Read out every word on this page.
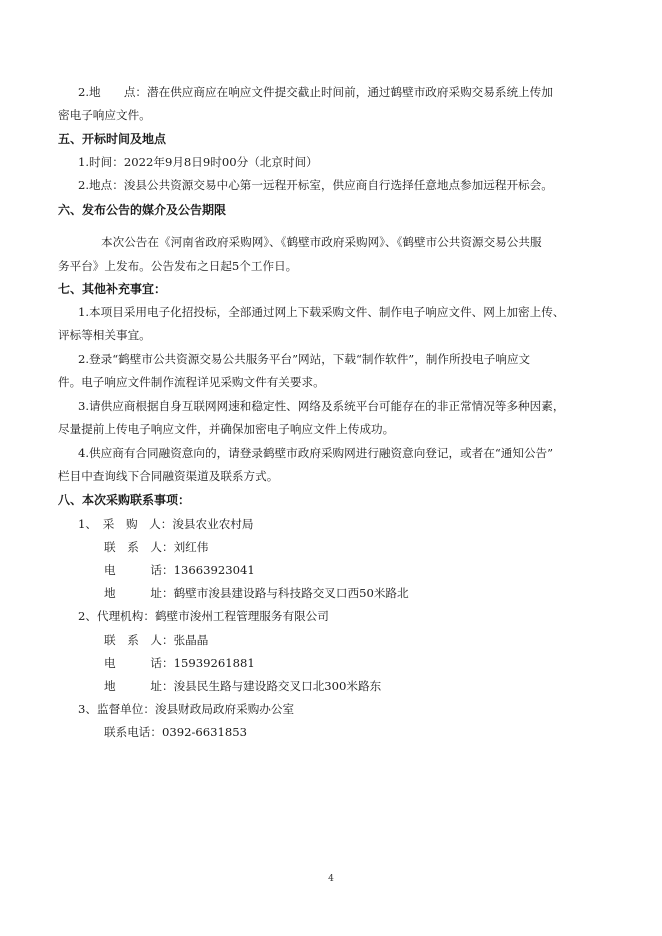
2.地　　点：潜在供应商应在响应文件提交截止时间前，通过鹤壁市政府采购交易系统上传加
密电子响应文件。
五、开标时间及地点
1.时间：2022年9月8日9时00分（北京时间）
2.地点：浚县公共资源交易中心第一远程开标室，供应商自行选择任意地点参加远程开标会。
六、发布公告的媒介及公告期限
本次公告在《河南省政府采购网》、《鹤壁市政府采购网》、《鹤壁市公共资源交易公共服
务平台》上发布。公告发布之日起5个工作日。
七、其他补充事宜：
1.本项目采用电子化招投标，全部通过网上下载采购文件、制作电子响应文件、网上加密上传、
评标等相关事宜。
2.登录“鹤壁市公共资源交易公共服务平台”网站，下载“制作软件”，制作所投电子响应文
件。电子响应文件制作流程详见采购文件有关要求。
3.请供应商根据自身互联网网速和稳定性、网络及系统平台可能存在的非正常情况等多种因素，
尽量提前上传电子响应文件，并确保加密电子响应文件上传成功。
4.供应商有合同融资意向的，请登录鹤壁市政府采购网进行融资意向登记，或者在“通知公告”
栏目中查询线下合同融资渠道及联系方式。
八、本次采购联系事项：
1、　采　购　人：浚县农业农村局
联　系　人：刘红伟
电　　　话：13663923041
地　　　址：鹤壁市浚县建设路与科技路交叉口西50米路北
2、代理机构：鹤壁市浚州工程管理服务有限公司
联　系　人：张晶晶
电　　　话：15939261881
地　　　址：浚县民生路与建设路交叉口北300米路东
3、监督单位：浚县财政局政府采购办公室
联系电话：0392-6631853
4
